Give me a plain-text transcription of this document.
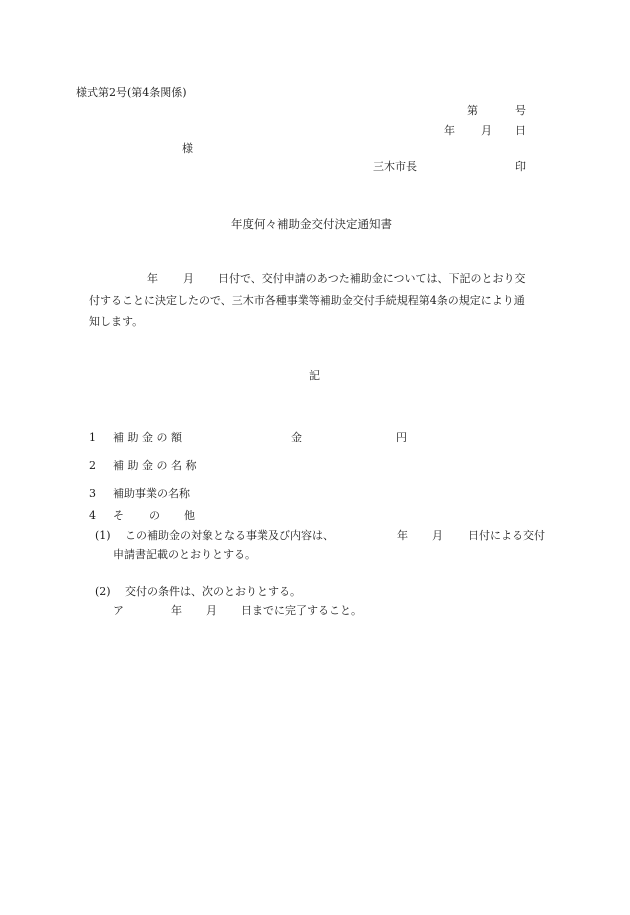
様式第2号(第4条関係)
第	号
年 月 日
様
三木市長	印
年度何々補助金交付決定通知書
年 月 日付で、交付申請のあつた補助金については、下記のとおり交
付することに決定したので、三木市各種事業等補助金交付手続規程第4条の規定により通
知します。
記
1 補 助 金 の 額	金	円
2 補 助 金 の 名 称
3 補助事業の名称
4 そ の 他
(1) この補助金の対象となる事業及び内容は、	年 月 日付による交付
申請書記載のとおりとする。
(2) 交付の条件は、次のとおりとする。
ア	年 月 日までに完了すること。
